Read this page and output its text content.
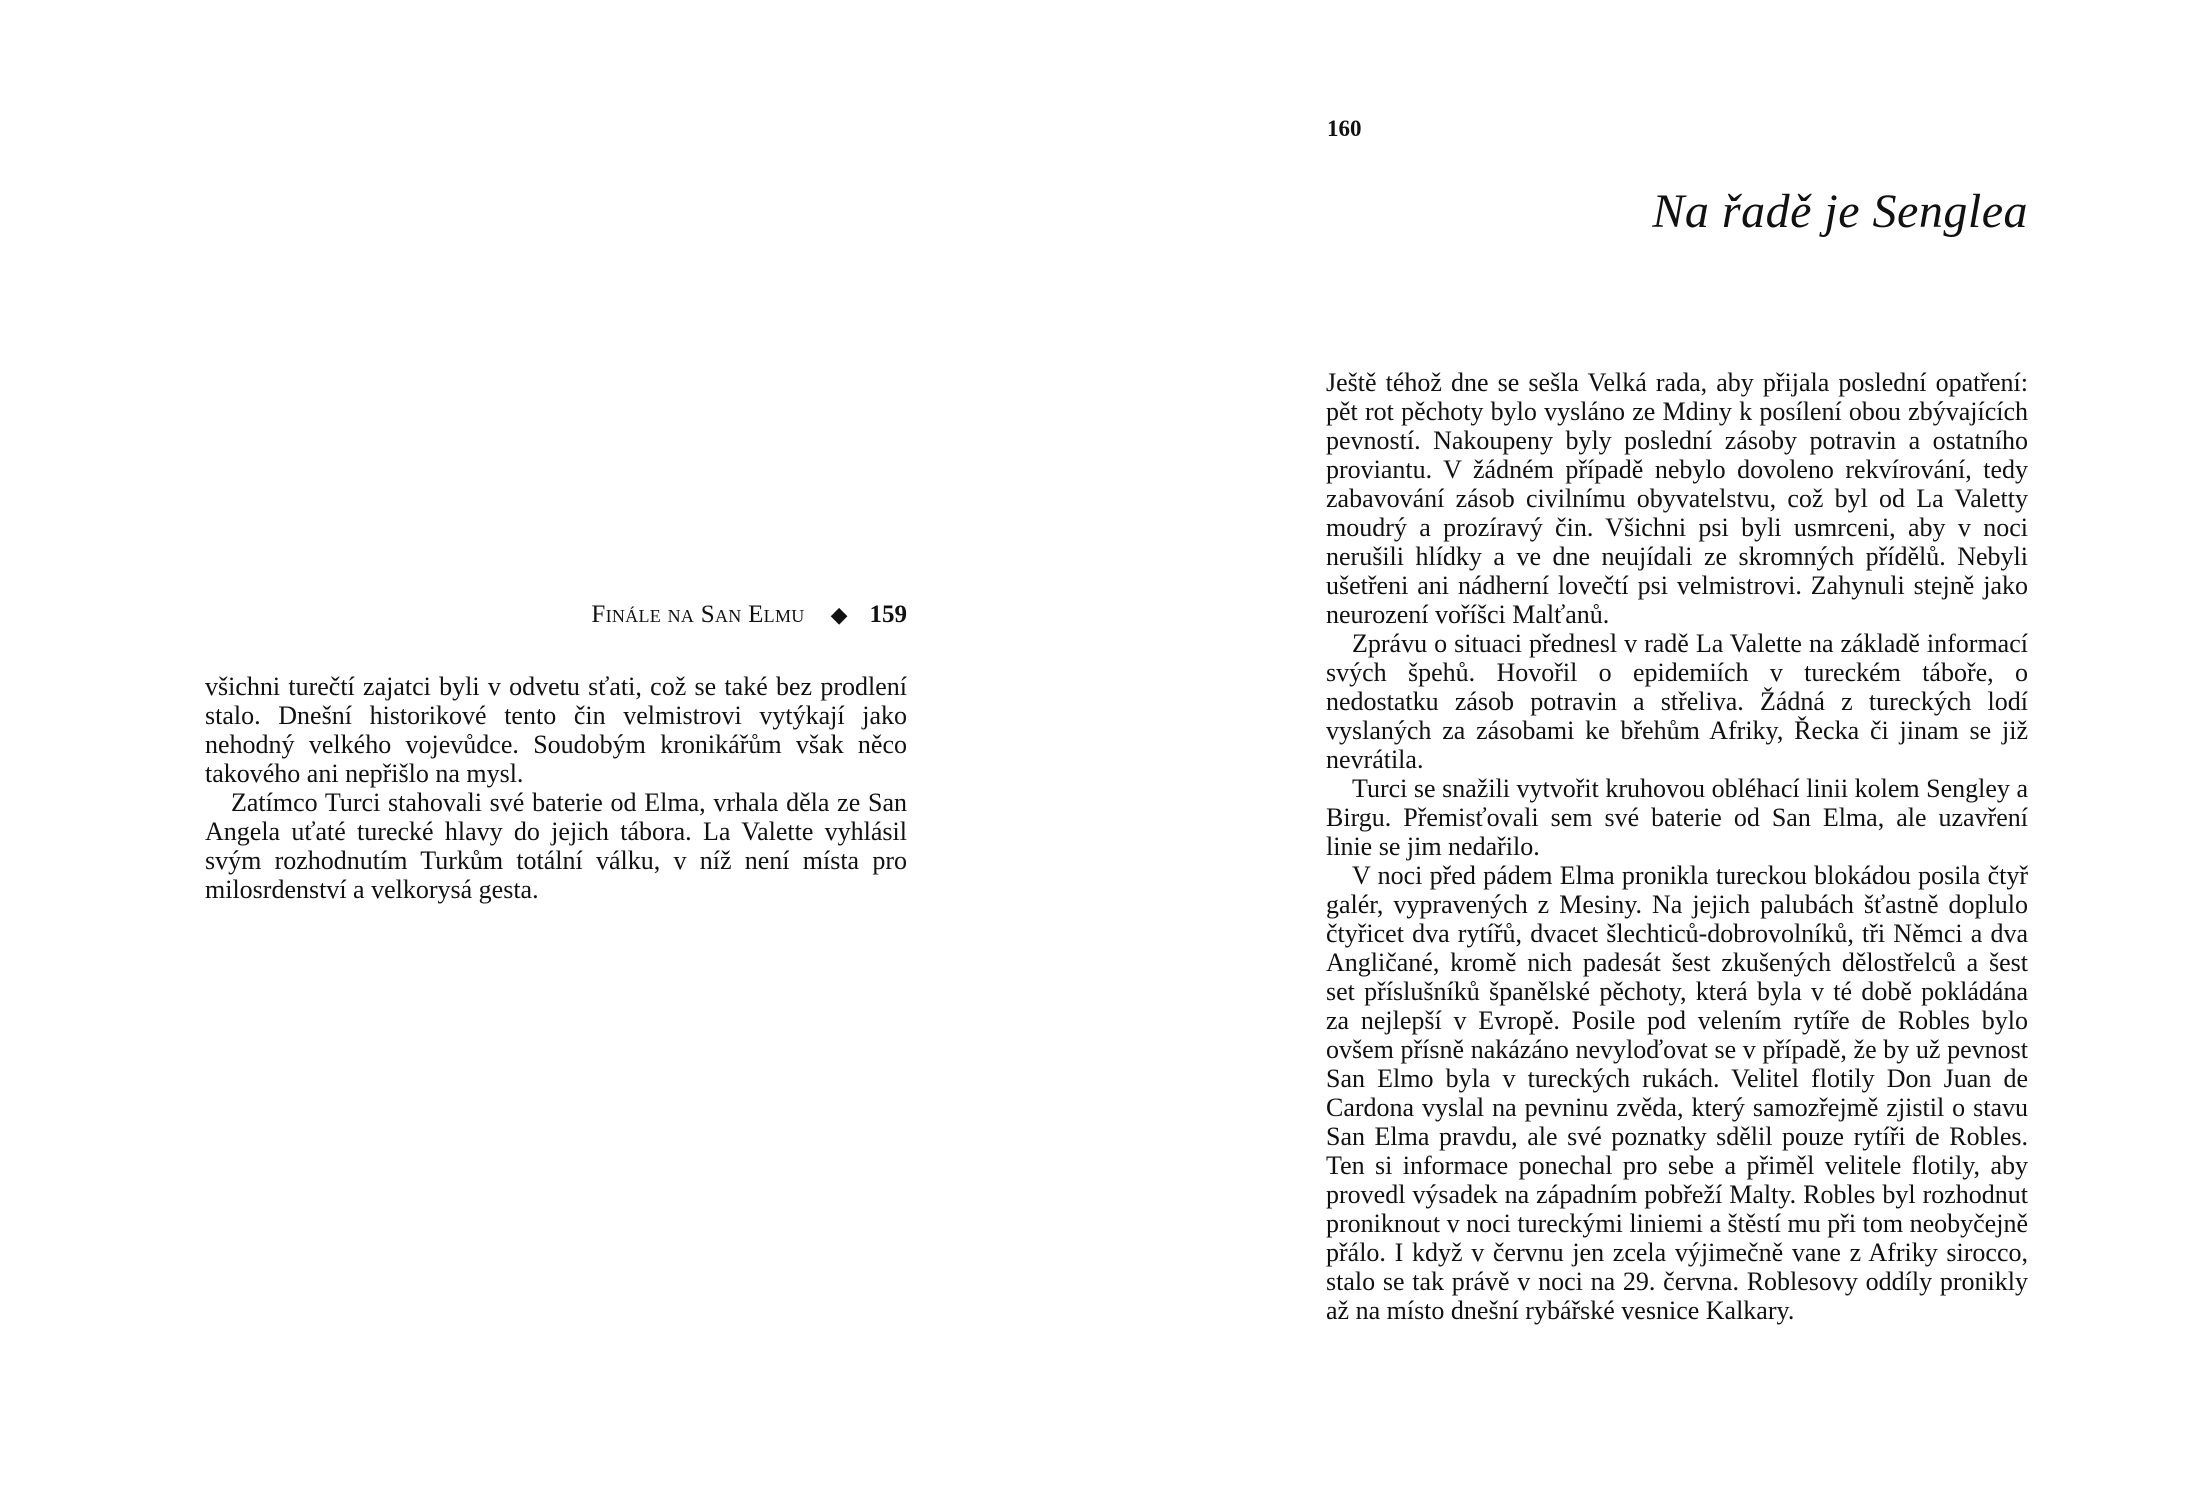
Finále na San Elmu ◆ 159

všichni turečtí zajatci byli v odvetu sťati, což se také bez prodlení stalo. Dnešní historikové tento čin velmistrovi vytýkají jako nehodný velkého vojevůdce. Soudobým kronikářům však něco takového ani nepřišlo na mysl.

Zatímco Turci stahovali své baterie od Elma, vrhala děla ze San Angela uťaté turecké hlavy do jejich tábora. La Valette vyhlásil svým rozhodnutím Turkům totální válku, v níž není místa pro milosrdenství a velkorysá gesta.

160
Na řadě je Senglea

Ještě téhož dne se sešla Velká rada, aby přijala poslední opatření: pět rot pěchoty bylo vysláno ze Mdiny k posílení obou zbývajících pevností. Nakoupeny byly poslední zásoby potravin a ostatního proviantu. V žádném případě nebylo dovoleno rekvírování, tedy zabavování zásob civilnímu obyvatelstvu, což byl od La Valetty moudrý a prozíravý čin. Všichni psi byli usmrceni, aby v noci nerušili hlídky a ve dne neujídali ze skromných přídělů. Nebyli ušetřeni ani nádherní lovečtí psi velmistrovi. Zahynuli stejně jako neurození voříšci Malťanů.

Zprávu o situaci přednesl v radě La Valette na základě informací svých špehů. Hovořil o epidemiích v tureckém táboře, o nedostatku zásob potravin a střeliva. Žádná z tureckých lodí vyslaných za zásobami ke břehům Afriky, Řecka či jinam se již nevrátila.

Turci se snažili vytvořit kruhovou obléhací linii kolem Sengley a Birgu. Přemisťovali sem své baterie od San Elma, ale uzavření linie se jim nedařilo.

V noci před pádem Elma pronikla tureckou blokádou posila čtyř galér, vypravených z Mesiny. Na jejich palubách šťastně doplulo čtyřicet dva rytířů, dvacet šlechticů-dobrovolníků, tři Němci a dva Angličané, kromě nich padesát šest zkušených dělostřelců a šest set příslušníků španělské pěchoty, která byla v té době pokládána za nejlepší v Evropě. Posile pod velením rytíře de Robles bylo ovšem přísně nakázáno nevyloďovat se v případě, že by už pevnost San Elmo byla v tureckých rukách. Velitel flotily Don Juan de Cardona vyslal na pevninu zvěda, který samozřejmě zjistil o stavu San Elma pravdu, ale své poznatky sdělil pouze rytíři de Robles. Ten si informace ponechal pro sebe a přiměl velitele flotily, aby provedl výsadek na západním pobřeží Malty. Robles byl rozhodnut proniknout v noci tureckými liniemi a štěstí mu při tom neobyčejně přálo. I když v červnu jen zcela výjimečně vane z Afriky sirocco, stalo se tak právě v noci na 29. června. Roblesovy oddíly pronikly až na místo dnešní rybářské vesnice Kalkary.
